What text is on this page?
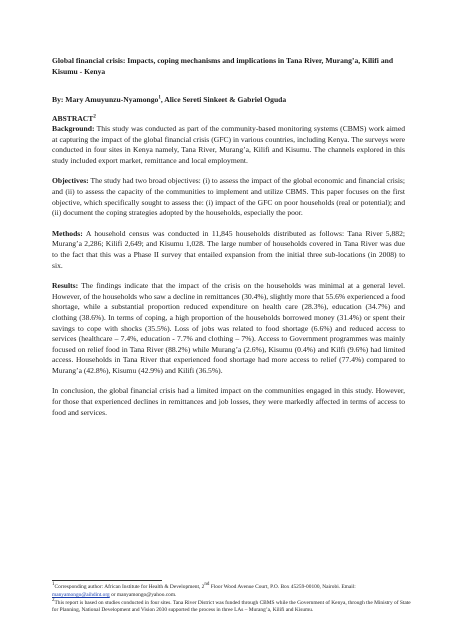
Global financial crisis: Impacts, coping mechanisms and implications in Tana River, Murang’a, Kilifi and Kisumu - Kenya

By: Mary Amuyunzu-Nyamongo$^1$, Alice Sereti Sinkeet & Gabriel Oguda

ABSTRACT$^2$

Background: This study was conducted as part of the community-based monitoring systems (CBMS) work aimed at capturing the impact of the global financial crisis (GFC) in various countries, including Kenya. The surveys were conducted in four sites in Kenya namely, Tana River, Murang’a, Kilifi and Kisumu. The channels explored in this study included export market, remittance and local employment.

Objectives: The study had two broad objectives: (i) to assess the impact of the global economic and financial crisis; and (ii) to assess the capacity of the communities to implement and utilize CBMS. This paper focuses on the first objective, which specifically sought to assess the: (i) impact of the GFC on poor households (real or potential); and (ii) document the coping strategies adopted by the households, especially the poor.

Methods: A household census was conducted in 11,845 households distributed as follows: Tana River 5,882; Murang’a 2,286; Kilifi 2,649; and Kisumu 1,028. The large number of households covered in Tana River was due to the fact that this was a Phase II survey that entailed expansion from the initial three sub-locations (in 2008) to six.

Results: The findings indicate that the impact of the crisis on the households was minimal at a general level. However, of the households who saw a decline in remittances (30.4%), slightly more that 55.6% experienced a food shortage, while a substantial proportion reduced expenditure on health care (28.3%), education (34.7%) and clothing (38.6%). In terms of coping, a high proportion of the households borrowed money (31.4%) or spent their savings to cope with shocks (35.5%). Loss of jobs was related to food shortage (6.6%) and reduced access to services (healthcare – 7.4%, education - 7.7% and clothing – 7%). Access to Government programmes was mainly focused on relief food in Tana River (88.2%) while Murang’a (2.6%), Kisumu (0.4%) and Kilfi (9.6%) had limited access. Households in Tana River that experienced food shortage had more access to relief (77.4%) compared to Murang’a (42.8%), Kisumu (42.9%) and Kilifi (36.5%).

In conclusion, the global financial crisis had a limited impact on the communities engaged in this study. However, for those that experienced declines in remittances and job losses, they were markedly affected in terms of access to food and services.

$^1$Corresponding author: African Institute for Health & Development, 2nd Floor Wood Avenue Court, P.O. Box 45259-00100, Nairobi. Email: manyamongo@aihdint.org or manyamongo@yahoo.com.

$^2$This report is based on studies conducted in four sites. Tana River District was funded through CBMS while the Government of Kenya, through the Ministry of State for Planning, National Development and Vision 2030 supported the process in three LAs – Murang’a, Kilifi and Kisumu.
